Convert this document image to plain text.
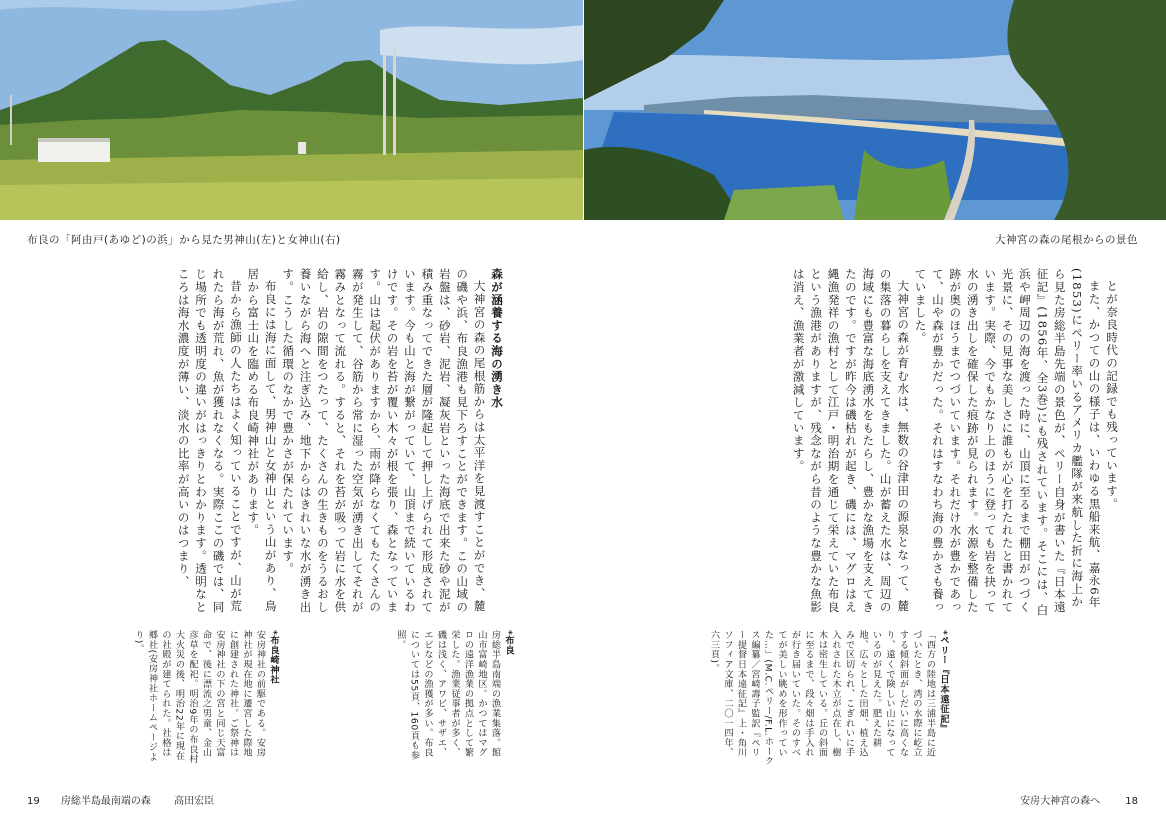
布良の「阿由戸(あゆど)の浜」から見た男神山(左)と女神山(右)	大神宮の森の尾根からの景色

とが奈良時代の記録でも残っています。

また、かつての山の様子は、いわゆる黒船来航、嘉永6年(1853)にペリー率いるアメリカ艦隊が来航した折に海上から見た房総半島先端の景色が、ペリー自身が書いた『日本遠征記』(1856年、全3巻)にも残されています。そこには、白浜や岬周辺の海を渡った時に、山頂に至るまで棚田がつづく光景に、その見事な美しさに誰もが心を打たれたと書かれています。実際、今でもかなり上のほうに登っても岩を抉って水の湧き出しを確保した痕跡が見られます。水源を整備した跡が奥のほうまでつづいています。それだけ水が豊かであって、山や森が豊かだった。それはすなわち海の豊かさも養っていました。

大神宮の森が育む水は、無数の谷津田の源泉となって、麓の集落の暮らしを支えてきました。山が蓄えた水は、周辺の海域にも豊富な海底湧水をもたらし、豊かな漁場を支えてきたのです。ですが昨今は磯枯れが起き、磯には、マグロはえ縄漁発祥の漁村として江戸・明治期を通じて栄えていた布良という漁港がありますが、残念ながら昔のような豊かな魚影は消え、漁業者が激減しています。

森が涵養する海の湧き水

大神宮の森の尾根筋からは太平洋を見渡すことができ、麓の磯や浜、布良漁港も見下ろすことができます。この山域の岩盤は、砂岩、泥岩、凝灰岩といった海底で出来た砂や泥が積み重なってできた層が隆起して押し上げられて形成されています。今も山と海が繋がっていて、山頂まで続いているわけです。その岩を苔が覆い木々が根を張り、森となっています。山は起伏がありますから、雨が降らなくてもたくさんの霧が発生して、谷筋から常に湿った空気が湧き出してそれが霧みとなって流れる。すると、それを苔が吸って岩に水を供給し、岩の隙間をつたって、たくさんの生きものをうるおし養いながら海へと注ぎ込み、地下からはきれいな水が湧き出す。こうした循環のなかで豊かさが保たれています。

布良には海に面して、男神山と女神山という山があり、鳥居から富士山を臨める布良崎神社があります。

昔から漁師の人たちはよく知っていることですが、山が荒れたら海が荒れ、魚が獲れなくなる。実際ここの磯では、同じ場所でも透明度の違いがはっきりとわかります。透明なところは海水濃度が薄い、淡水の比率が高いのはつまり、

*ペリー『日本遠征記』

「西方の陸地は三浦半島に近づいたとき、湾の水際に屹立する傾斜面がしだいに高くなり、遠くで険しい山になっているのが見えた。肥えた耕地、広々とした田畑、植え込みで区切られ、こぎれいに手入れされた木立が点在し、樹木は密生している。丘の斜面に至るまで、段々畑は手入れが行き届いていた。そのすべてが美しい眺めを形作っていた…」(M.C.ペリー/F.L.ホークス編纂／宮崎壽子監訳『ペリー提督日本遠征記』上・角川ソフィア文庫、二〇一四年、六三頁)。

*布良

房総半島南端の漁業集落。館山市富崎地区。かつてはマグロの遠洋漁業の拠点として繁栄した。漁業従事者が多く、磯は浅く、アワビ、サザエ、エビなどの漁獲が多い。布良については55頁、160頁も参照。

*布良崎神社

安房神社の前駆である。安房神社が現在地に遷宮した際地に創建された神社。ご祭神は安房神社の下の宮と同じ天富命で、後に漂流之男童、金山彦草を配祀。明治9年の布良村大火災の後、明治22年に現在の社殿が建てられた。社格は郷社(安房神社ホームページより)。

19 房総半島最南端の森 高田宏臣	安房大神宮の森へ	18
